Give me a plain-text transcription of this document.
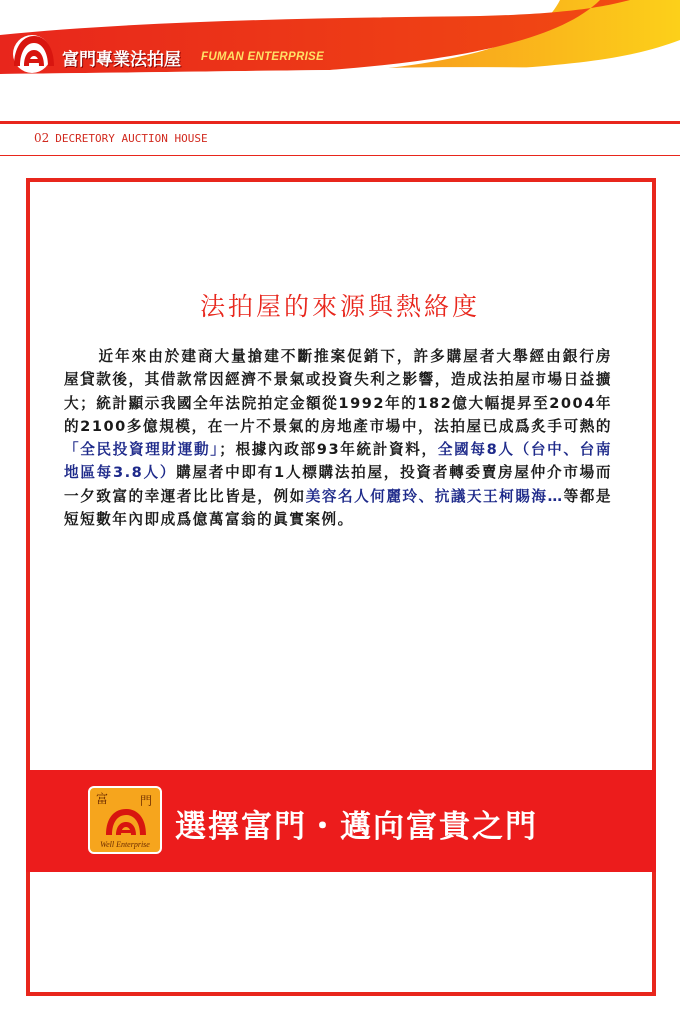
富門專業法拍屋 FUMAN ENTERPRISE
02 DECRETORY AUCTION HOUSE
法拍屋的來源與熱絡度
近年來由於建商大量搶建不斷推案促銷下，許多購屋者大舉經由銀行房屋貸款後，其借款常因經濟不景氣或投資失利之影響，造成法拍屋市場日益擴大；統計顯示我國全年法院拍定金額從1992年的182億大幅提昇至2004年的2100多億規模，在一片不景氣的房地產市場中，法拍屋已成爲炙手可熱的「全民投資理財運動」；根據內政部93年統計資料，全國每8人（台中、台南地區每3.8人）購屋者中即有1人標購法拍屋，投資者轉委賣房屋仲介市場而一夕致富的幸運者比比皆是，例如美容名人何麗玲、抗議天王柯賜海…等都是短短數年內即成爲億萬富翁的眞實案例。
富	門
Well Enterprise 選擇富門・邁向富貴之門
